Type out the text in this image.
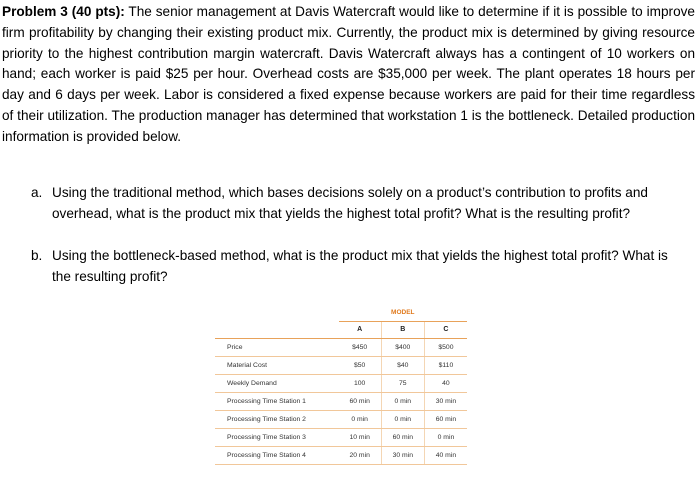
Problem 3 (40 pts): The senior management at Davis Watercraft would like to determine if it is possible to improve firm profitability by changing their existing product mix. Currently, the product mix is determined by giving resource priority to the highest contribution margin watercraft. Davis Watercraft always has a contingent of 10 workers on hand; each worker is paid $25 per hour. Overhead costs are $35,000 per week. The plant operates 18 hours per day and 6 days per week. Labor is considered a fixed expense because workers are paid for their time regardless of their utilization. The production manager has determined that workstation 1 is the bottleneck. Detailed production information is provided below.
a. Using the traditional method, which bases decisions solely on a product’s contribution to profits and overhead, what is the product mix that yields the highest total profit? What is the resulting profit?
b. Using the bottleneck-based method, what is the product mix that yields the highest total profit? What is the resulting profit?
	MODEL		
	A	B	C
Price	$450	$400	$500
Material Cost	$50	$40	$110
Weekly Demand	100	75	40
Processing Time Station 1	60 min	0 min	30 min
Processing Time Station 2	0 min	0 min	60 min
Processing Time Station 3	10 min	60 min	0 min
Processing Time Station 4	20 min	30 min	40 min
